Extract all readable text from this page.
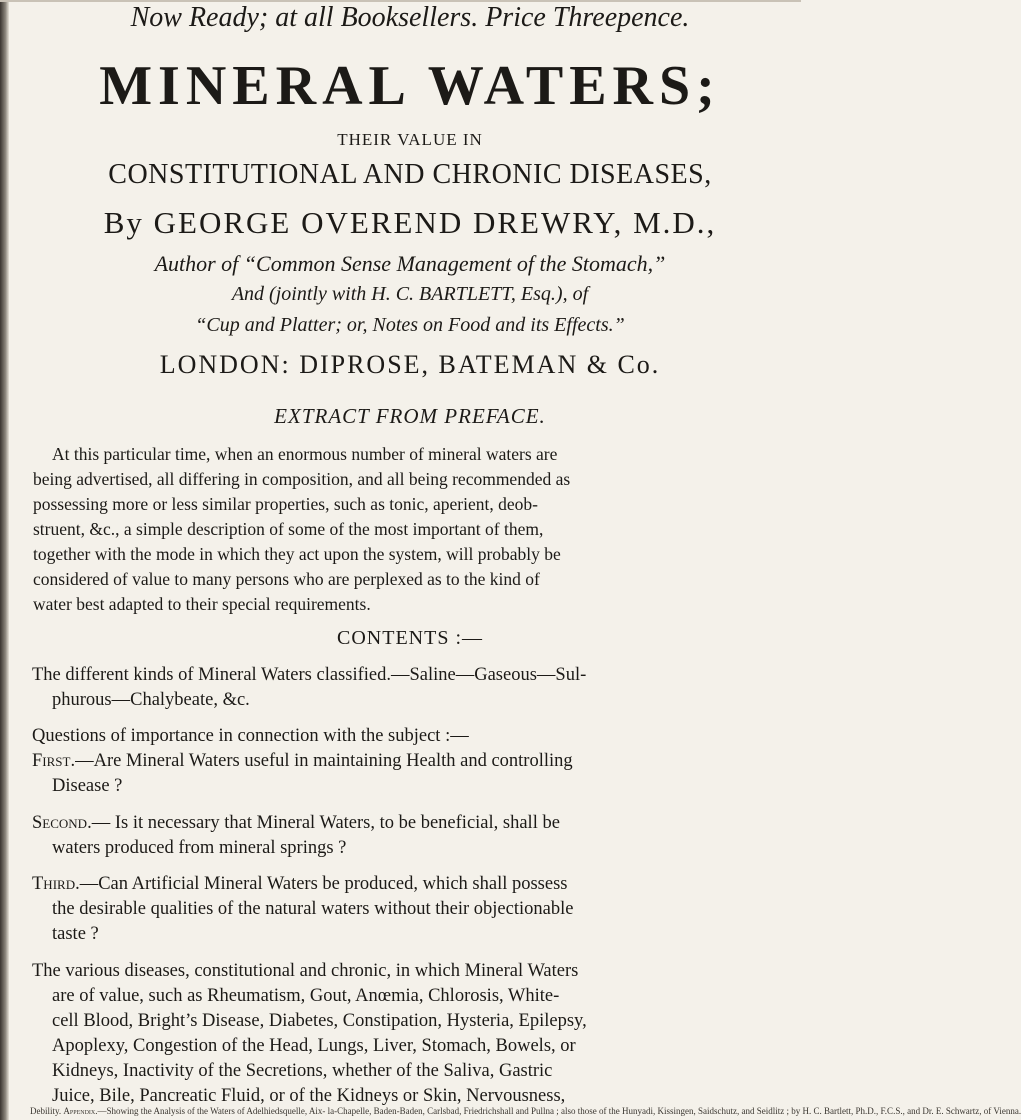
Now Ready; at all Booksellers. Price Threepence.
MINERAL WATERS;
THEIR VALUE IN
CONSTITUTIONAL AND CHRONIC DISEASES,
By GEORGE OVEREND DREWRY, M.D.,
Author of “Common Sense Management of the Stomach,”
And (jointly with H. C. BARTLETT, Esq.), of
“Cup and Platter; or, Notes on Food and its Effects.”
LONDON: DIPROSE, BATEMAN & Co.
EXTRACT FROM PREFACE.
At this particular time, when an enormous number of mineral waters are
being advertised, all differing in composition, and all being recommended as
possessing more or less similar properties, such as tonic, aperient, deob-
struent, &c., a simple description of some of the most important of them,
together with the mode in which they act upon the system, will probably be
considered of value to many persons who are perplexed as to the kind of
water best adapted to their special requirements.
CONTENTS :—
The different kinds of Mineral Waters classified.—Saline—Gaseous—Sul-
phurous—Chalybeate, &c.
Questions of importance in connection with the subject :—
First.—Are Mineral Waters useful in maintaining Health and controlling
Disease ?
Second.— Is it necessary that Mineral Waters, to be beneficial, shall be
waters produced from mineral springs ?
Third.—Can Artificial Mineral Waters be produced, which shall possess
the desirable qualities of the natural waters without their objectionable
taste ?
The various diseases, constitutional and chronic, in which Mineral Waters
are of value, such as Rheumatism, Gout, Anœmia, Chlorosis, White-
cell Blood, Bright’s Disease, Diabetes, Constipation, Hysteria, Epilepsy,
Apoplexy, Congestion of the Head, Lungs, Liver, Stomach, Bowels, or
Kidneys, Inactivity of the Secretions, whether of the Saliva, Gastric
Juice, Bile, Pancreatic Fluid, or of the Kidneys or Skin, Nervousness,
Debility. Appendix.—Showing the Analysis of the Waters of Adelhiedsquelle, Aix- la-Chapelle, Baden-Baden, Carlsbad, Friedrichshall and Pullna ; also those of the Hunyadi, Kissingen, Saidschutz, and Seidlitz ; by H. C. Bartlett, Ph.D., F.C.S., and Dr. E. Schwartz, of Vienna.
